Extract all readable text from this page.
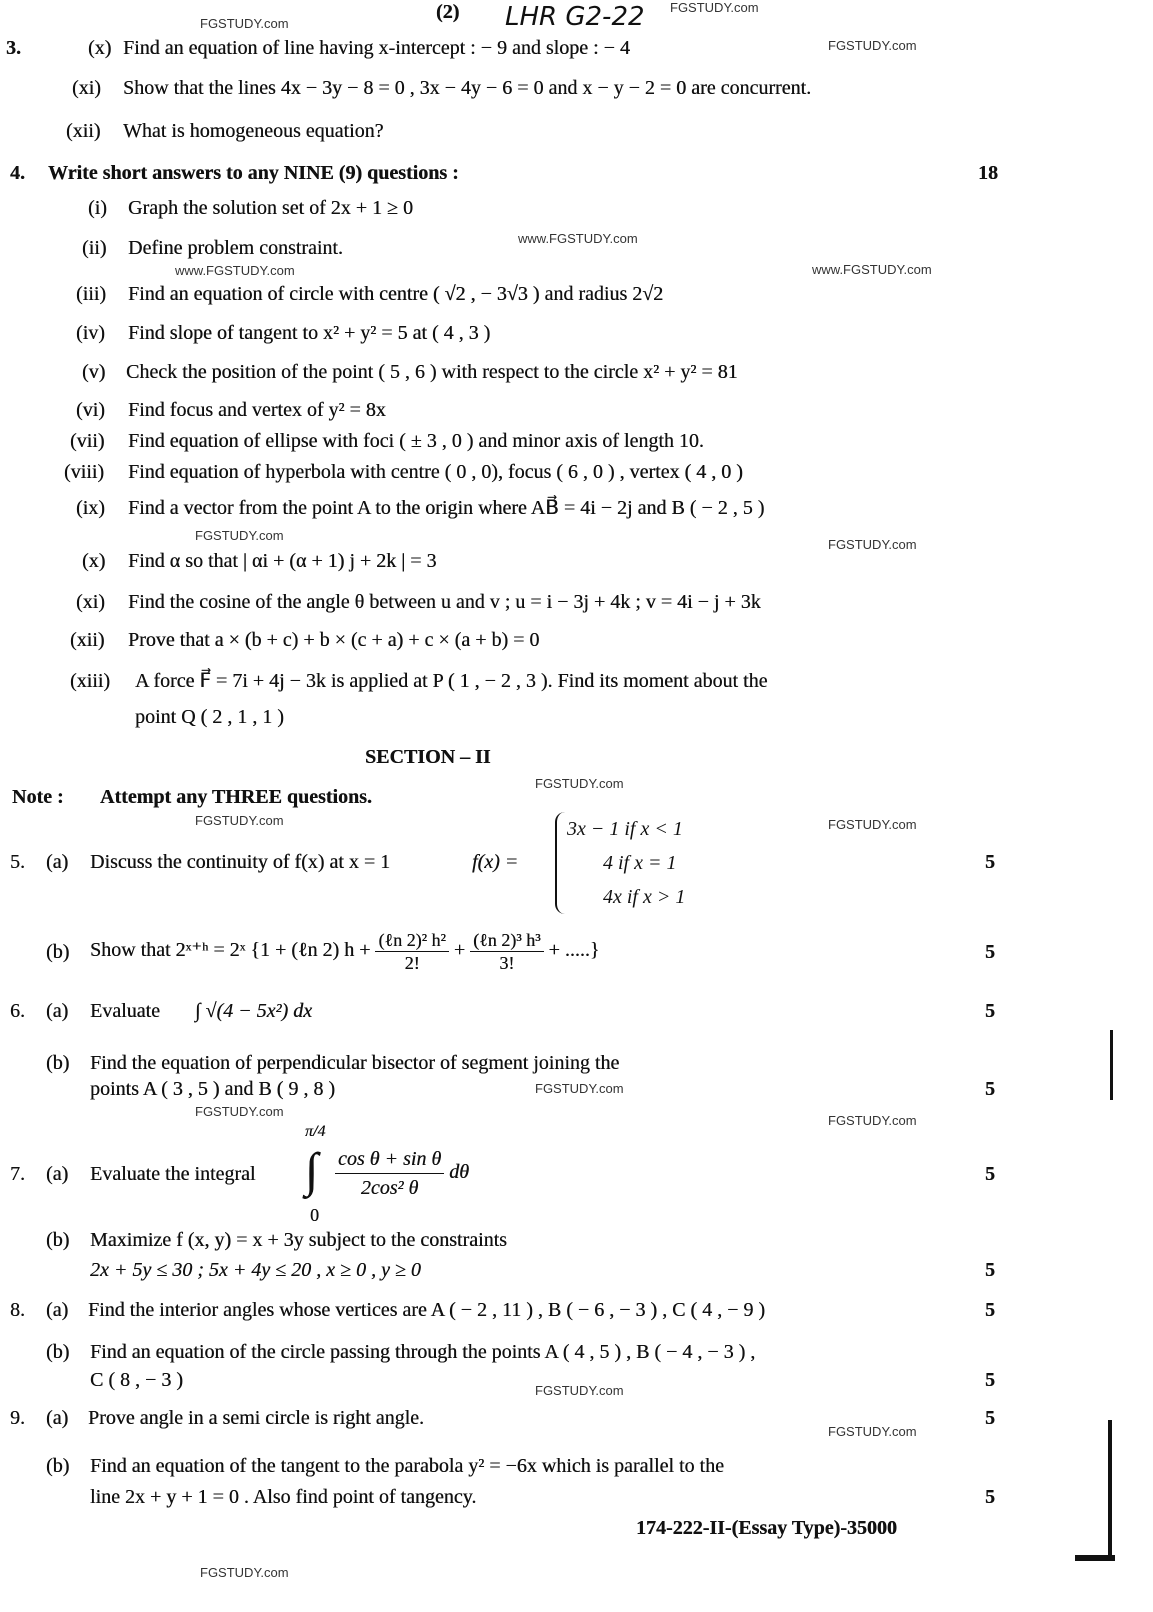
FGSTUDY.com
FGSTUDY.com
FGSTUDY.com
www.FGSTUDY.com
www.FGSTUDY.com	www.FGSTUDY.com
FGSTUDY.com
FGSTUDY.com
FGSTUDY.com
FGSTUDY.com	FGSTUDY.com
FGSTUDY.com
FGSTUDY.com
FGSTUDY.com
FGSTUDY.com
FGSTUDY.com
FGSTUDY.com
(2) LHR G2-22
3.	(x) Find an equation of line having x-intercept : − 9 and slope : − 4
(xi) Show that the lines 4x − 3y − 8 = 0 , 3x − 4y − 6 = 0 and x − y − 2 = 0 are concurrent.
(xii) What is homogeneous equation?
4. Write short answers to any NINE (9) questions :	18
(i) Graph the solution set of 2x + 1 ≥ 0
(ii) Define problem constraint.
(iii) Find an equation of circle with centre ( √2 , − 3√3 ) and radius 2√2
(iv) Find slope of tangent to x² + y² = 5 at ( 4 , 3 )
(v) Check the position of the point ( 5 , 6 ) with respect to the circle x² + y² = 81
(vi) Find focus and vertex of y² = 8x
(vii) Find equation of ellipse with foci ( ± 3 , 0 ) and minor axis of length 10.
(viii) Find equation of hyperbola with centre ( 0 , 0), focus ( 6 , 0 ) , vertex ( 4 , 0 )
(ix) Find a vector from the point A to the origin where AB⃗ = 4i − 2j and B ( − 2 , 5 )
(x) Find α so that | αi + (α + 1) j + 2k | = 3
(xi) Find the cosine of the angle θ between u and v ; u = i − 3j + 4k ; v = 4i − j + 3k
(xii) Prove that a × (b + c) + b × (c + a) + c × (a + b) = 0
(xiii) A force F⃗ = 7i + 4j − 3k is applied at P ( 1 , − 2 , 3 ). Find its moment about the
point Q ( 2 , 1 , 1 )
SECTION – II
Note : Attempt any THREE questions.
5. (a) Discuss the continuity of f(x) at x = 1	f(x) =
3x − 1 if x < 1
4 if x = 1
4x if x > 1
5
(b) Show that 2ˣ⁺ʰ = 2ˣ {1 + (ℓn 2) $h + \frac{\text{(ℓn 2)² h²}}{2!} + \frac{\text{(ℓn 2)³ h³}}{3!}$ + .....}	5
6. (a) Evaluate ∫ √(4 − 5x²) dx	5
(b) Find the equation of perpendicular bisector of segment joining the
points A ( 3 , 5 ) and B ( 9 , 8 )	5
7. (a) Evaluate the integral
π/4
∫
0
$\frac{\text{cos θ + sin θ}}{\text{2cos² θ}}$ dθ	5
(b) Maximize f (x, y) = x + 3y subject to the constraints
2x + 5y ≤ 30 ; 5x + 4y ≤ 20 , x ≥ 0 , y ≥ 0	5
8. (a) Find the interior angles whose vertices are A ( − 2 , 11 ) , B ( − 6 , − 3 ) , C ( 4 , − 9 )	5
(b) Find an equation of the circle passing through the points A ( 4 , 5 ) , B ( − 4 , − 3 ) ,
C ( 8 , − 3 )	5
9. (a) Prove angle in a semi circle is right angle.	5
(b) Find an equation of the tangent to the parabola y² = −6x which is parallel to the
line 2x + y + 1 = 0 . Also find point of tangency.	5
174-222-II-(Essay Type)-35000
